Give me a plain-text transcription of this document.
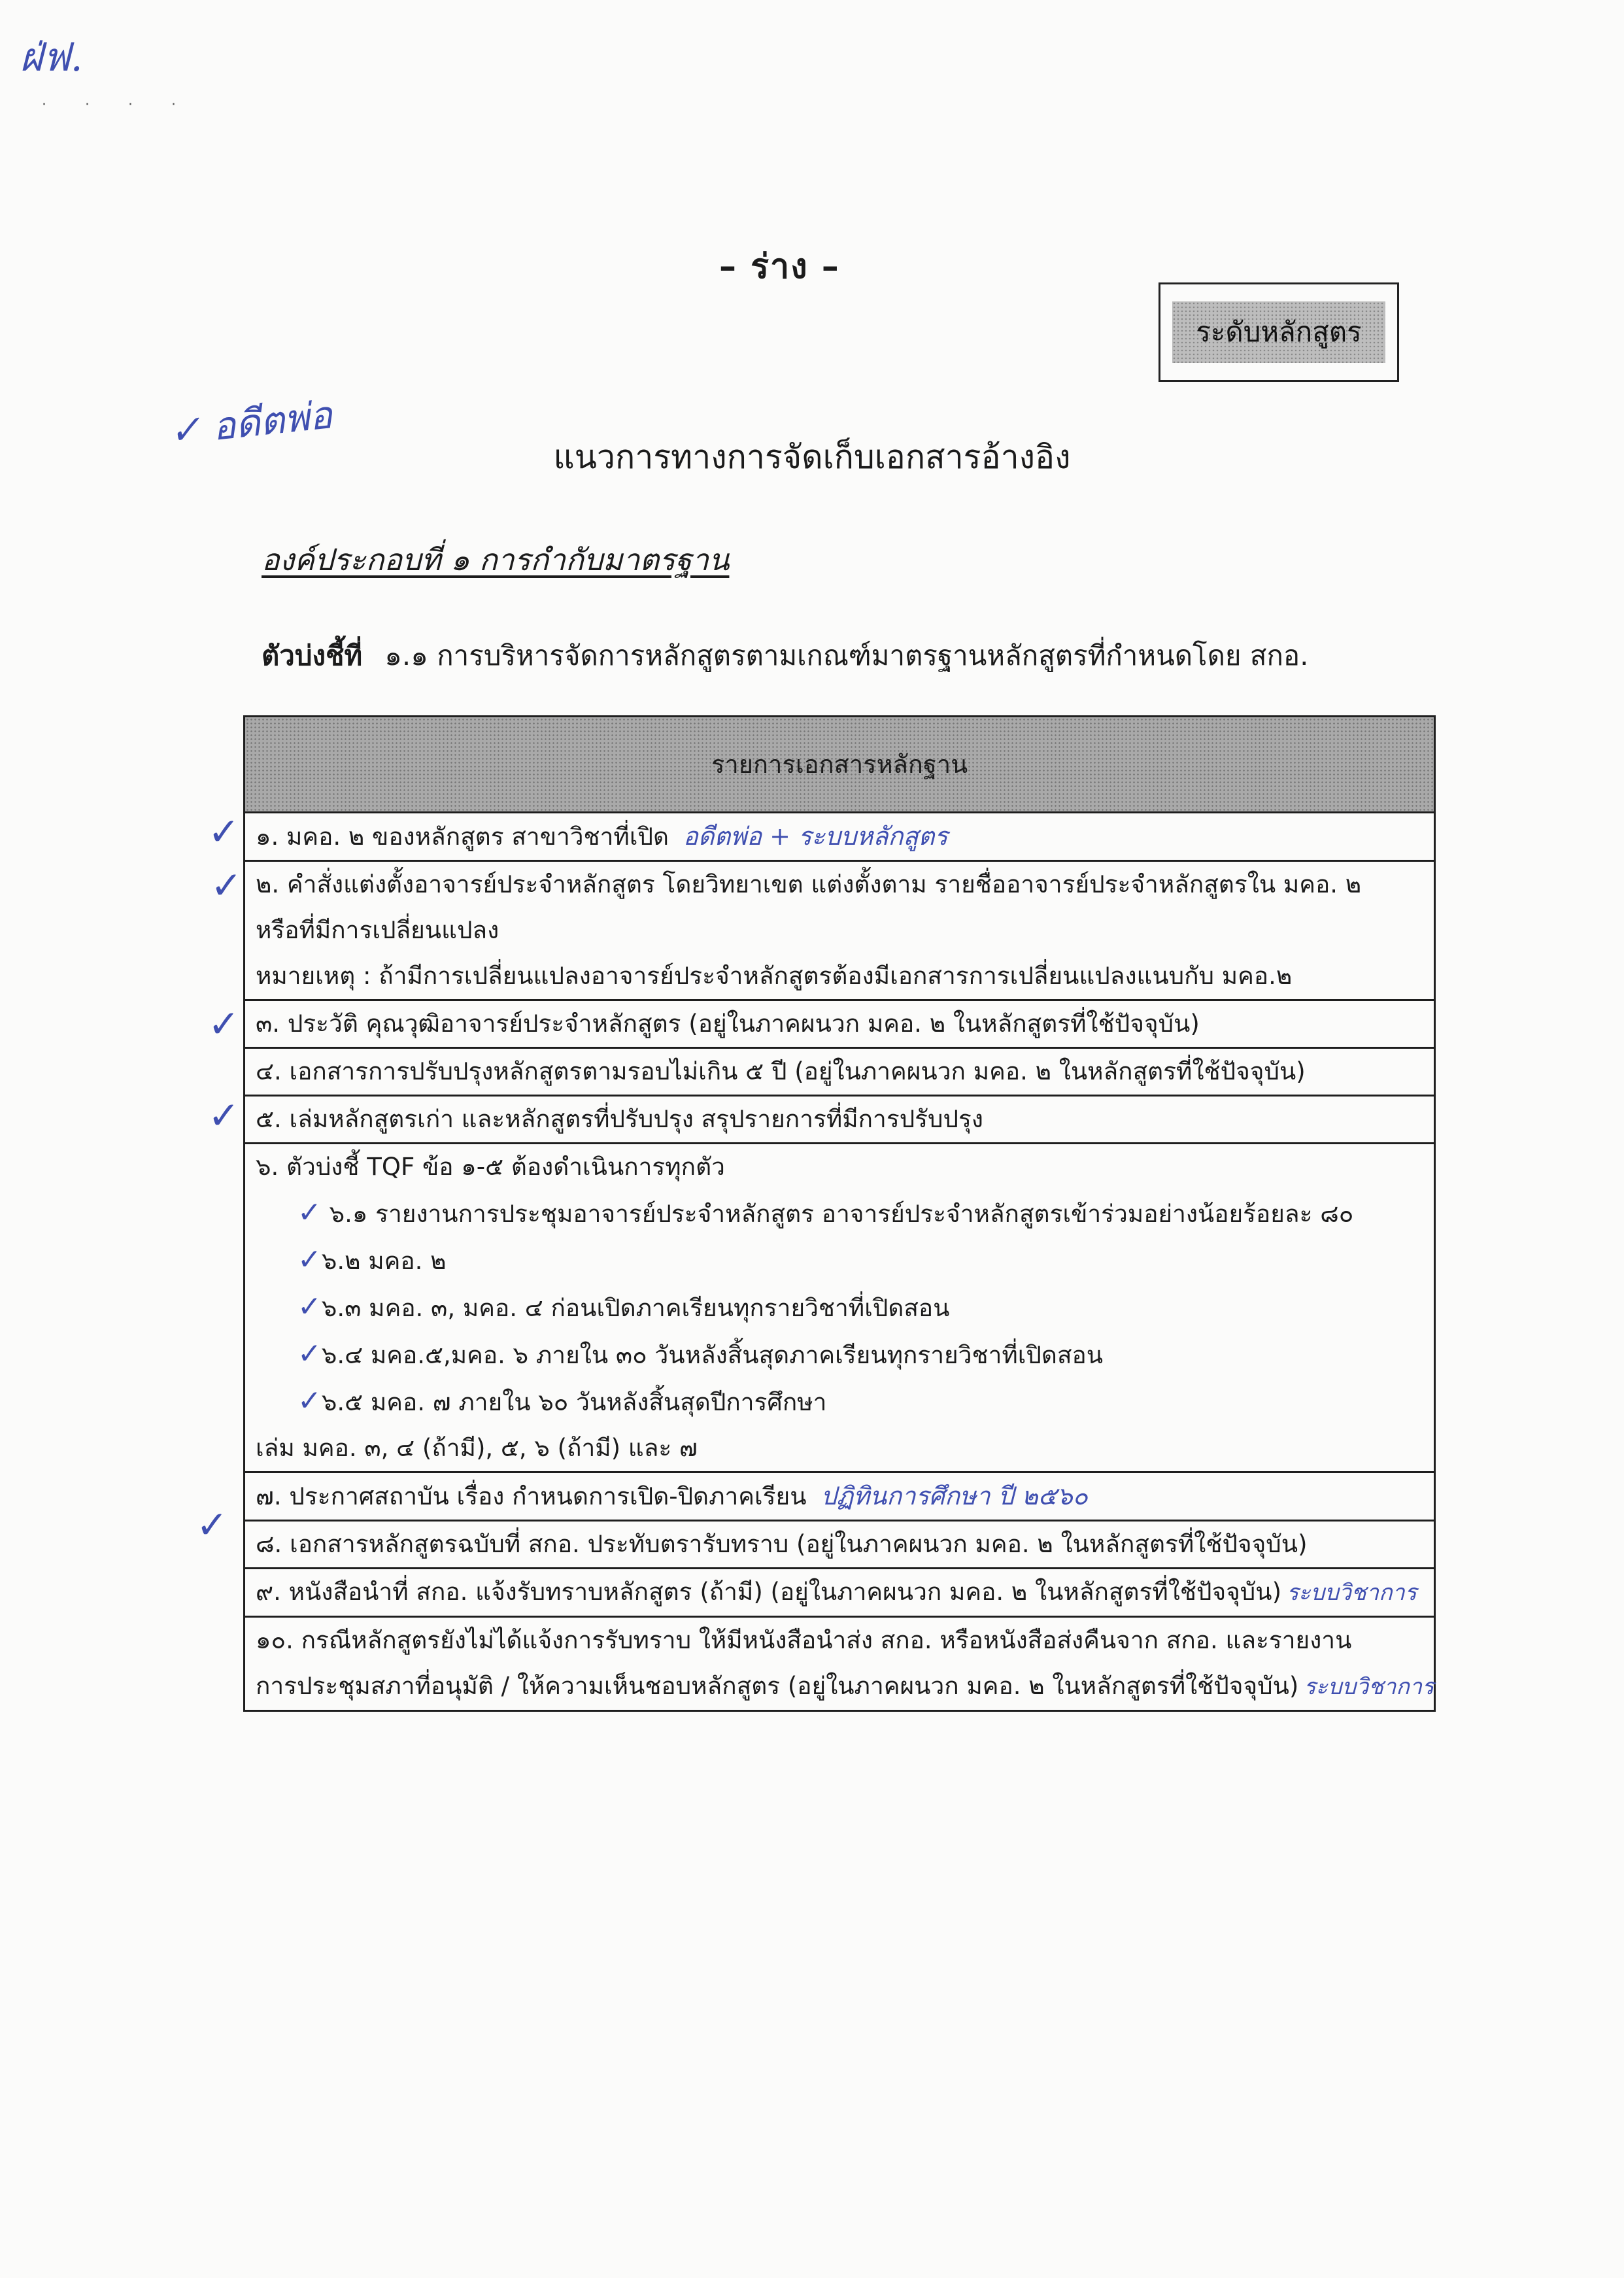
ฝ่ฟ.
· · · ·
– ร่าง –
ระดับหลักสูตร
✓ อดีตพ่อ
แนวการทางการจัดเก็บเอกสารอ้างอิง
องค์ประกอบที่ ๑ การกำกับมาตรฐาน
ตัวบ่งชี้ที่ ๑.๑ การบริหารจัดการหลักสูตรตามเกณฑ์มาตรฐานหลักสูตรที่กำหนดโดย สกอ.
✓
✓
✓
✓
✓
รายการเอกสารหลักฐาน
๑. มคอ. ๒ ของหลักสูตร สาขาวิชาที่เปิด อดีตพ่อ + ระบบหลักสูตร

๒. คำสั่งแต่งตั้งอาจารย์ประจำหลักสูตร โดยวิทยาเขต แต่งตั้งตาม รายชื่ออาจารย์ประจำหลักสูตรใน มคอ. ๒
หรือที่มีการเปลี่ยนแปลง
หมายเหตุ : ถ้ามีการเปลี่ยนแปลงอาจารย์ประจำหลักสูตรต้องมีเอกสารการเปลี่ยนแปลงแนบกับ มคอ.๒

๓. ประวัติ คุณวุฒิอาจารย์ประจำหลักสูตร (อยู่ในภาคผนวก มคอ. ๒ ในหลักสูตรที่ใช้ปัจจุบัน)
๔. เอกสารการปรับปรุงหลักสูตรตามรอบไม่เกิน ๕ ปี (อยู่ในภาคผนวก มคอ. ๒ ในหลักสูตรที่ใช้ปัจจุบัน)
๕. เล่มหลักสูตรเก่า และหลักสูตรที่ปรับปรุง สรุปรายการที่มีการปรับปรุง

๖. ตัวบ่งชี้ TQF ข้อ ๑-๕ ต้องดำเนินการทุกตัว
✓ ๖.๑ รายงานการประชุมอาจารย์ประจำหลักสูตร อาจารย์ประจำหลักสูตรเข้าร่วมอย่างน้อยร้อยละ ๘๐
✓๖.๒ มคอ. ๒
✓๖.๓ มคอ. ๓, มคอ. ๔ ก่อนเปิดภาคเรียนทุกรายวิชาที่เปิดสอน
✓๖.๔ มคอ.๕,มคอ. ๖ ภายใน ๓๐ วันหลังสิ้นสุดภาคเรียนทุกรายวิชาที่เปิดสอน
✓๖.๕ มคอ. ๗ ภายใน ๖๐ วันหลังสิ้นสุดปีการศึกษา
เล่ม มคอ. ๓, ๔ (ถ้ามี), ๕, ๖ (ถ้ามี) และ ๗

๗. ประกาศสถาบัน เรื่อง กำหนดการเปิด-ปิดภาคเรียน ปฏิทินการศึกษา ปี ๒๕๖๐
๘. เอกสารหลักสูตรฉบับที่ สกอ. ประทับตรารับทราบ (อยู่ในภาคผนวก มคอ. ๒ ในหลักสูตรที่ใช้ปัจจุบัน)
๙. หนังสือนำที่ สกอ. แจ้งรับทราบหลักสูตร (ถ้ามี) (อยู่ในภาคผนวก มคอ. ๒ ในหลักสูตรที่ใช้ปัจจุบัน) ระบบวิชาการ

๑๐. กรณีหลักสูตรยังไม่ได้แจ้งการรับทราบ ให้มีหนังสือนำส่ง สกอ. หรือหนังสือส่งคืนจาก สกอ. และรายงาน
การประชุมสภาที่อนุมัติ / ให้ความเห็นชอบหลักสูตร (อยู่ในภาคผนวก มคอ. ๒ ในหลักสูตรที่ใช้ปัจจุบัน) ระบบวิชาการ
